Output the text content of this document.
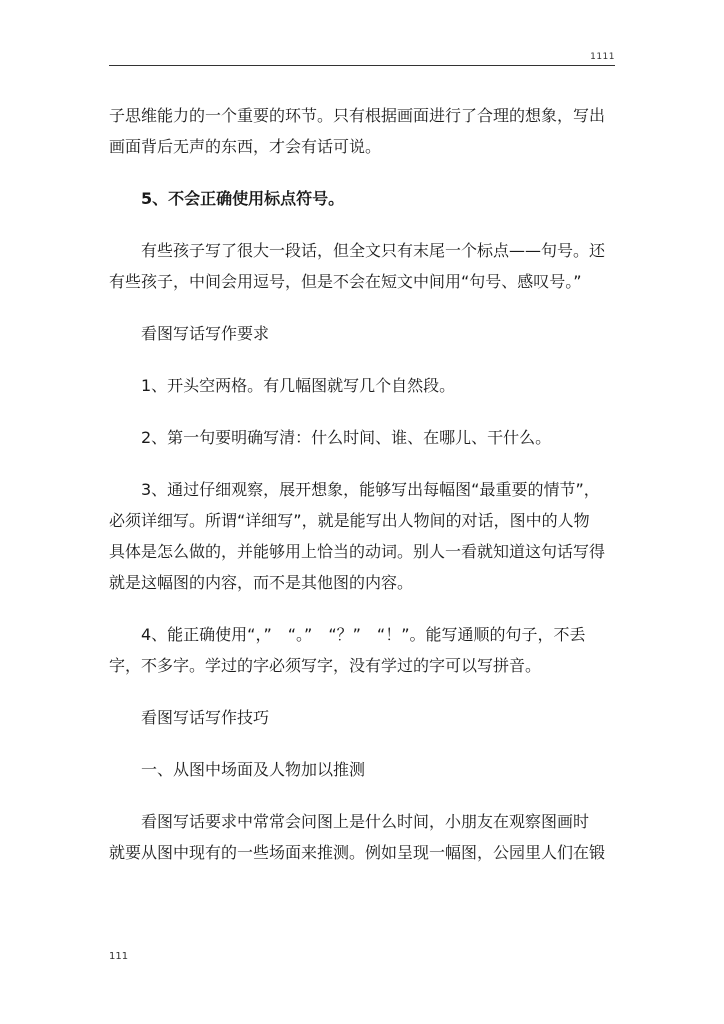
1111
子思维能力的一个重要的环节。只有根据画面进行了合理的想象，写出
画面背后无声的东西，才会有话可说。
5、不会正确使用标点符号。
有些孩子写了很大一段话，但全文只有末尾一个标点——句号。还
有些孩子，中间会用逗号，但是不会在短文中间用“句号、感叹号。”
看图写话写作要求
1、开头空两格。有几幅图就写几个自然段。
2、第一句要明确写清：什么时间、谁、在哪儿、干什么。
3、通过仔细观察，展开想象，能够写出每幅图“最重要的情节”，
必须详细写。所谓“详细写”，就是能写出人物间的对话，图中的人物
具体是怎么做的，并能够用上恰当的动词。别人一看就知道这句话写得
就是这幅图的内容，而不是其他图的内容。
4、能正确使用“，”　“。”　“？”　“！”。能写通顺的句子，不丢
字，不多字。学过的字必须写字，没有学过的字可以写拼音。
看图写话写作技巧
一、从图中场面及人物加以推测
看图写话要求中常常会问图上是什么时间，小朋友在观察图画时
就要从图中现有的一些场面来推测。例如呈现一幅图，公园里人们在锻
111
